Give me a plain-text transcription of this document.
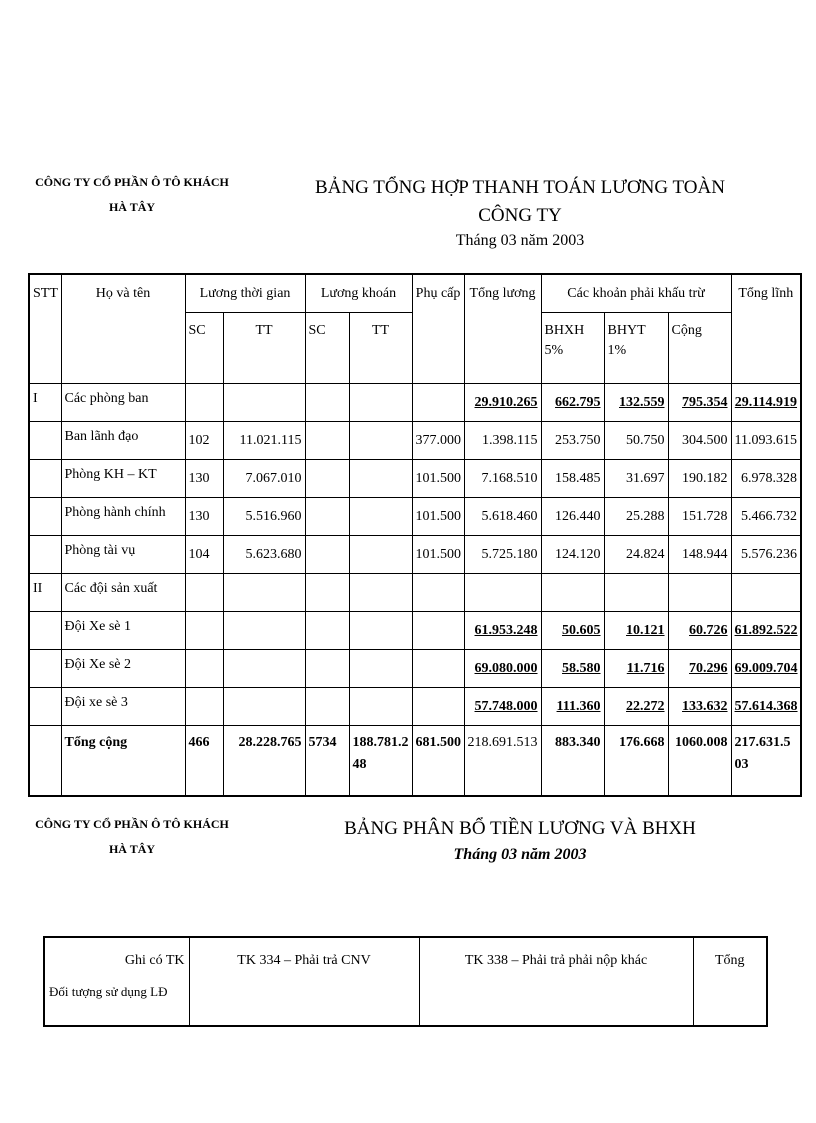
CÔNG TY CỔ PHẦN Ô TÔ KHÁCH
HÀ TÂY
BẢNG TỔNG HỢP THANH TOÁN LƯƠNG TOÀN CÔNG TY
Tháng 03 năm 2003
STT	Họ và tên	Lương thời gian		Lương khoán		Phụ cấp	Tổng lương	Các khoản phải khấu trừ			Tổng lĩnh
		SC	TT	SC	TT			BHXH 5%	BHYT 1%	Cộng	
I	Các phòng ban						29.910.265	662.795	132.559	795.354	29.114.919
	Ban lãnh đạo	102	11.021.115			377.000	1.398.115	253.750	50.750	304.500	11.093.615
	Phòng KH – KT	130	7.067.010			101.500	7.168.510	158.485	31.697	190.182	6.978.328
	Phòng hành chính	130	5.516.960			101.500	5.618.460	126.440	25.288	151.728	5.466.732
	Phòng tài vụ	104	5.623.680			101.500	5.725.180	124.120	24.824	148.944	5.576.236
II	Các đội sản xuất										
	Đội Xe sè 1						61.953.248	50.605	10.121	60.726	61.892.522
	Đội Xe sè 2						69.080.000	58.580	11.716	70.296	69.009.704
	Đội xe sè 3						57.748.000	111.360	22.272	133.632	57.614.368
	Tổng cộng	466	28.228.765	5734	188.781.248	681.500	218.691.513	883.340	176.668	1060.008	217.631.503
CÔNG TY CỔ PHẦN Ô TÔ KHÁCH
HÀ TÂY
BẢNG PHÂN BỔ TIỀN LƯƠNG VÀ BHXH
Tháng 03 năm 2003
Ghi có TK
Đối tượng sử dụng LĐ
	TK 334 – Phải trả CNV	TK 338 – Phải trả phải nộp khác	Tổng
